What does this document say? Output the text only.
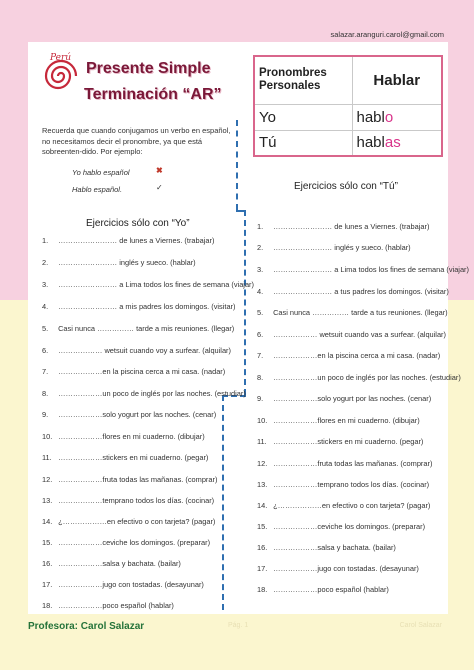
salazar.aranguri.carol@gmail.com
Perú
Presente Simple
Terminación “AR”
Pronombres Personales	Hablar
Yo	hablo
Tú	hablas
Recuerda que cuando conjugamos un verbo en español, no necesitamos decir el pronombre, ya que está sobreenten-dido. Por ejemplo:
Yo hablo español	✖
Hablo español.	✓
Ejercicios sólo con “Yo”
Ejercicios sólo con “Tú”
1. …………………… de lunes a Viernes. (trabajar)
2. …………………… inglés y sueco. (hablar)
3. …………………… a Lima todos los fines de semana (viajar)
4. …………………… a mis padres los domingos. (visitar)
5. Casi nunca …………… tarde a mis reuniones. (llegar)
6. ……………… wetsuit cuando voy a surfear. (alquilar)
7. ………………en la piscina cerca a mi casa. (nadar)
8. ………………un poco de inglés por las noches. (estudiar)
9. ………………solo yogurt por las noches. (cenar)
10. ………………flores en mi cuaderno. (dibujar)
11. ………………stickers en mi cuaderno. (pegar)
12. ………………fruta todas las mañanas. (comprar)
13. ………………temprano todos los días. (cocinar)
14. ¿………………en efectivo o con tarjeta? (pagar)
15. ………………ceviche los domingos. (preparar)
16. ………………salsa y bachata. (bailar)
17. ………………jugo con tostadas. (desayunar)
18. ………………poco español (hablar)
1. …………………… de lunes a Viernes. (trabajar)
2. …………………… inglés y sueco. (hablar)
3. …………………… a Lima todos los fines de semana (viajar)
4. …………………… a tus padres los domingos. (visitar)
5. Casi nunca …………… tarde a tus reuniones. (llegar)
6. ……………… wetsuit cuando vas a surfear. (alquilar)
7. ………………en la piscina cerca a mi casa. (nadar)
8. ………………un poco de inglés por las noches. (estudiar)
9. ………………solo yogurt por las noches. (cenar)
10. ………………flores en mi cuaderno. (dibujar)
11. ………………stickers en mi cuaderno. (pegar)
12. ………………fruta todas las mañanas. (comprar)
13. ………………temprano todos los días. (cocinar)
14. ¿………………en efectivo o con tarjeta? (pagar)
15. ………………ceviche los domingos. (preparar)
16. ………………salsa y bachata. (bailar)
17. ………………jugo con tostadas. (desayunar)
18. ………………poco español (hablar)
Profesora: Carol Salazar	Pág. 1	Carol Salazar
